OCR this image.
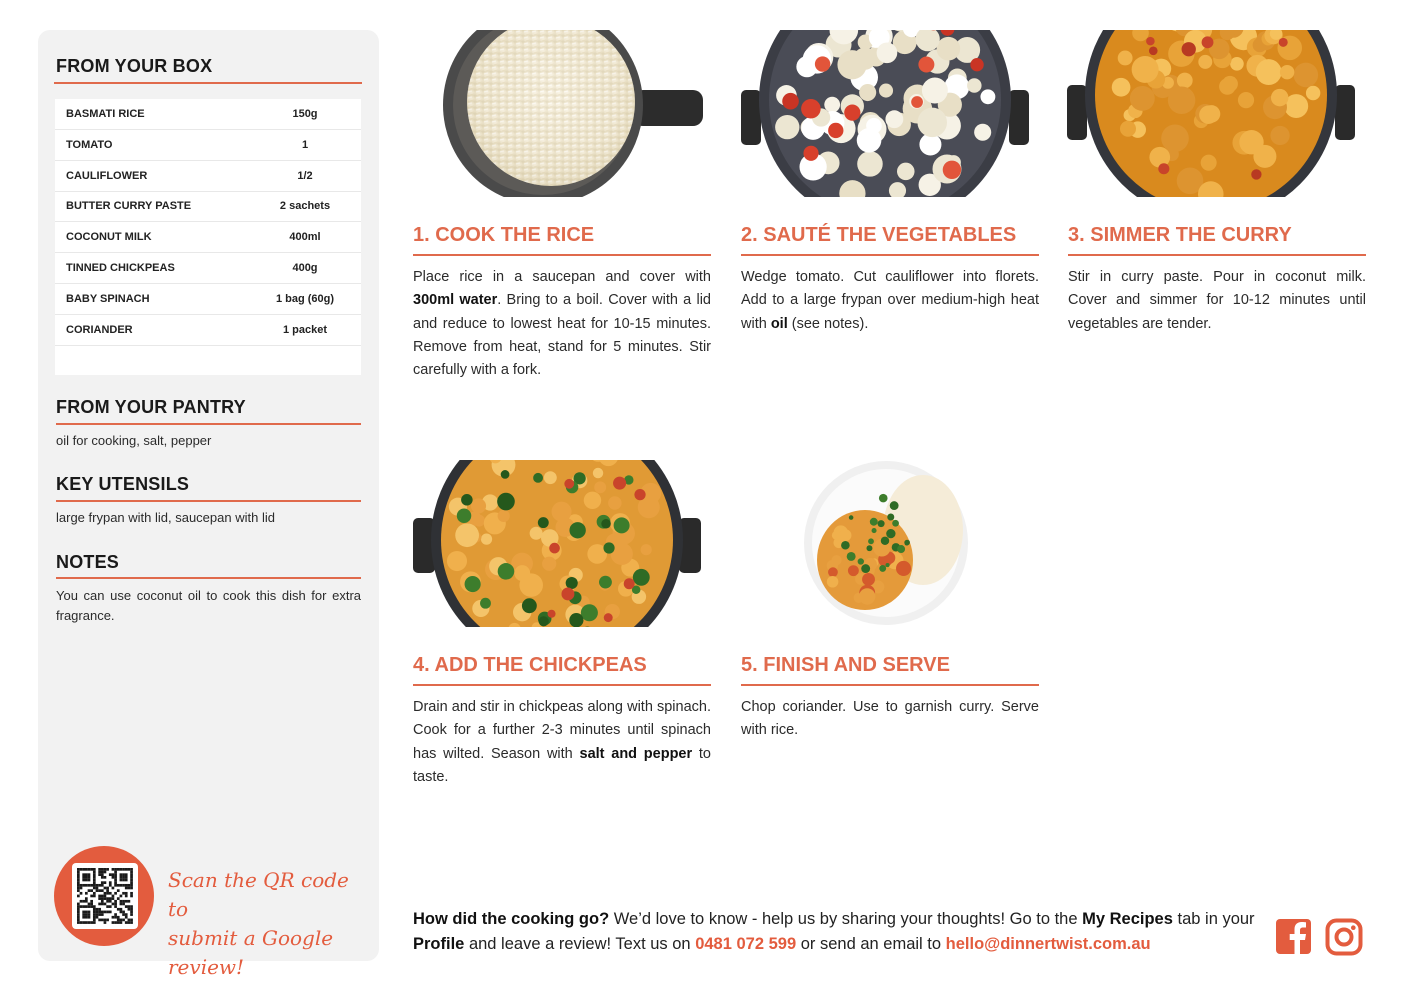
FROM YOUR BOX
BASMATI RICE	150g
TOMATO	1
CAULIFLOWER	1/2
BUTTER CURRY PASTE	2 sachets
COCONUT MILK	400ml
TINNED CHICKPEAS	400g
BABY SPINACH	1 bag (60g)
CORIANDER	1 packet
FROM YOUR PANTRY
oil for cooking, salt, pepper
KEY UTENSILS
large frypan with lid, saucepan with lid
NOTES
You can use coconut oil to cook this dish for extra fragrance.
Scan the QR code to
submit a Google review!
1. COOK THE RICE
Place rice in a saucepan and cover with 300ml water. Bring to a boil. Cover with a lid and reduce to lowest heat for 10-15 minutes. Remove from heat, stand for 5 minutes. Stir carefully with a fork.
2. SAUTÉ THE VEGETABLES
Wedge tomato. Cut cauliflower into florets. Add to a large frypan over medium-high heat with oil (see notes).
3. SIMMER THE CURRY
Stir in curry paste. Pour in coconut milk. Cover and simmer for 10-12 minutes until vegetables are tender.
4. ADD THE CHICKPEAS
Drain and stir in chickpeas along with spinach. Cook for a further 2-3 minutes until spinach has wilted. Season with salt and pepper to taste.
5. FINISH AND SERVE
Chop coriander. Use to garnish curry. Serve with rice.
How did the cooking go? We’d love to know - help us by sharing your thoughts! Go to the My Recipes tab in your Profile and leave a review! Text us on 0481 072 599 or send an email to hello@dinnertwist.com.au
